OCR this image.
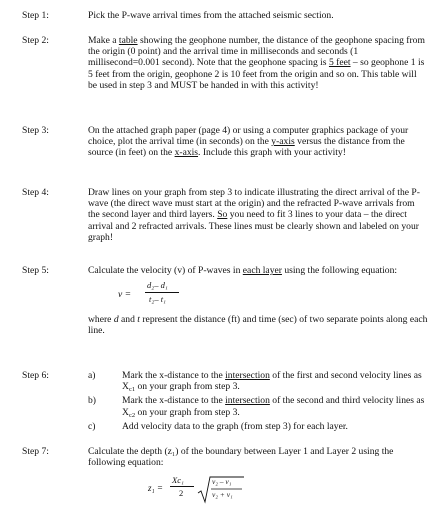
Step 1:	Pick the P-wave arrival times from the attached seismic section.

Step 2:	Make a table showing the geophone number, the distance of the geophone spacing from the origin (0 point) and the arrival time in milliseconds and seconds (1 millisecond=0.001 second). Note that the geophone spacing is 5 feet – so geophone 1 is 5 feet from the origin, geophone 2 is 10 feet from the origin and so on. This table will be used in step 3 and MUST be handed in with this activity!

Step 3:	On the attached graph paper (page 4) or using a computer graphics package of your choice, plot the arrival time (in seconds) on the y-axis versus the distance from the source (in feet) on the x-axis. Include this graph with your activity!

Step 4:	Draw lines on your graph from step 3 to indicate illustrating the direct arrival of the P-wave (the direct wave must start at the origin) and the refracted P-wave arrivals from the second layer and third layers. So you need to fit 3 lines to your data – the direct arrival and 2 refracted arrivals. These lines must be clearly shown and labeled on your graph!

Step 5:	Calculate the velocity (v) of P-waves in each layer using the following equation:

v =
d₂– d₁
t₂– t₁

where d and t represent the distance (ft) and time (sec) of two separate points along each line.

Step 6:	a)	Mark the x-distance to the intersection of the first and second velocity lines as $X_{c1}$ on your graph from step 3.
b)	Mark the x-distance to the intersection of the second and third velocity lines as $X_{c2}$ on your graph from step 3.
c)	Add velocity data to the graph (from step 3) for each layer.
Step 7:	Calculate the depth (z₁) of the boundary between Layer 1 and Layer 2 using the following equation:

z₁ =
Xc₁
2
v₂ – v₁
v₂ + v₁
